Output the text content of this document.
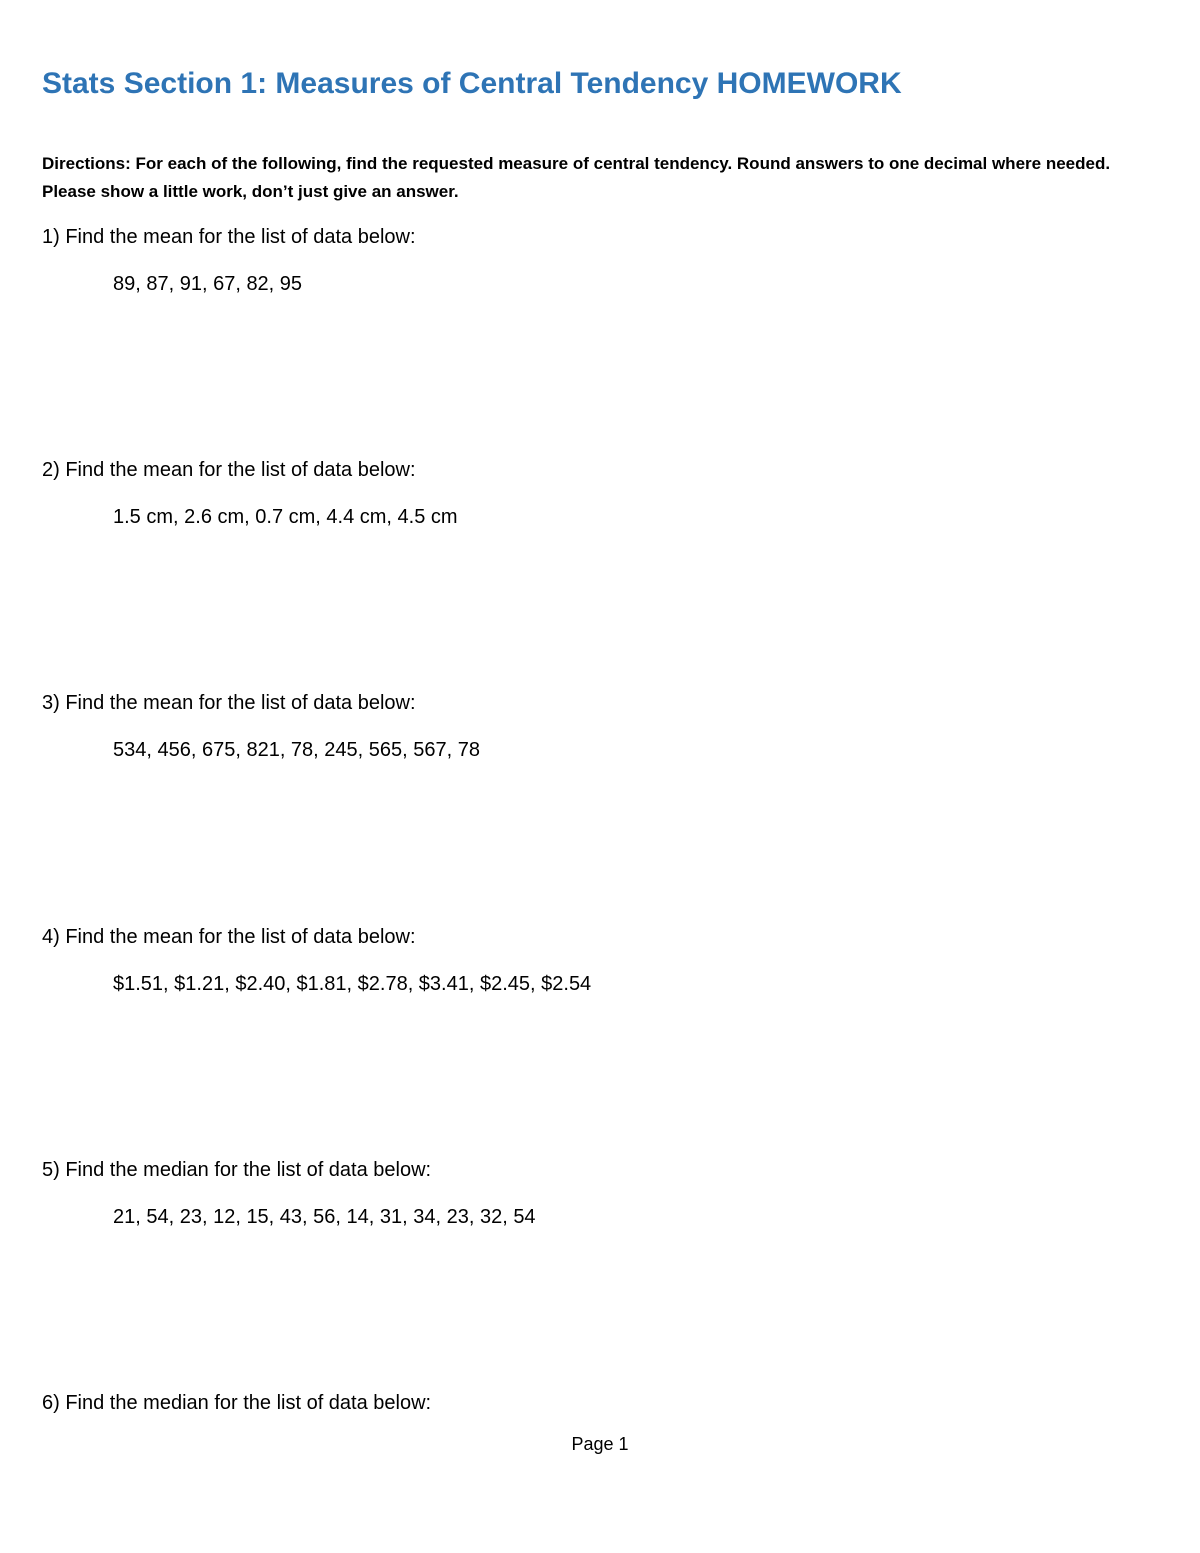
Stats Section 1: Measures of Central Tendency HOMEWORK

Directions: For each of the following, find the requested measure of central tendency. Round answers to one decimal where needed. Please show a little work, don’t just give an answer.

1) Find the mean for the list of data below:

89, 87, 91, 67, 82, 95

2) Find the mean for the list of data below:

1.5 cm, 2.6 cm, 0.7 cm, 4.4 cm, 4.5 cm

3) Find the mean for the list of data below:

534, 456, 675, 821, 78, 245, 565, 567, 78

4) Find the mean for the list of data below:

$1.51, $1.21, $2.40, $1.81, $2.78, $3.41, $2.45, $2.54

5) Find the median for the list of data below:

21, 54, 23, 12, 15, 43, 56, 14, 31, 34, 23, 32, 54

6) Find the median for the list of data below:

Page 1
